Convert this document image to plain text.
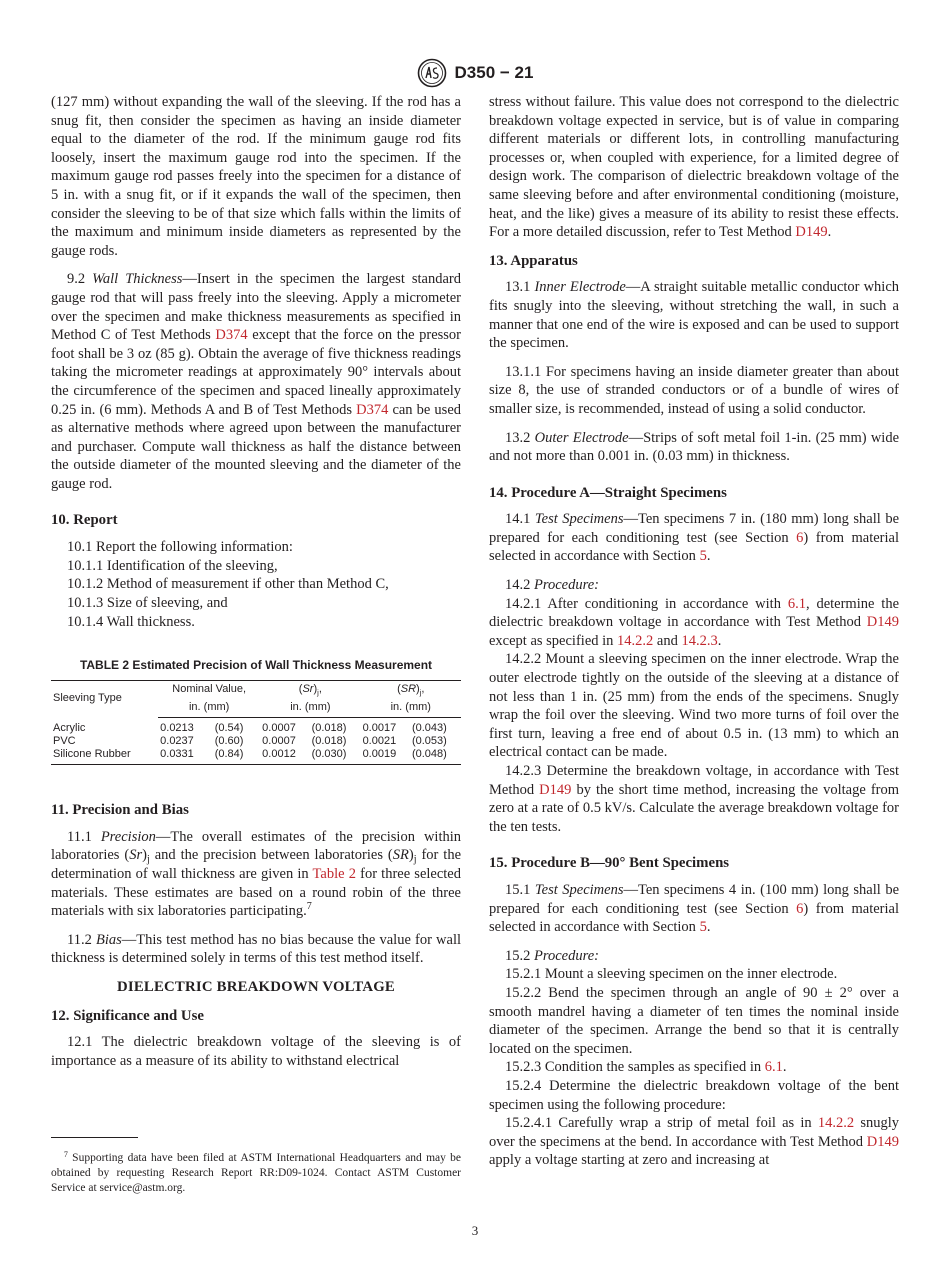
D350 − 21

(127 mm) without expanding the wall of the sleeving. If the rod has a snug fit, then consider the specimen as having an inside diameter equal to the diameter of the rod. If the minimum gauge rod fits loosely, insert the maximum gauge rod into the specimen. If the maximum gauge rod passes freely into the specimen for a distance of 5 in. with a snug fit, or if it expands the wall of the specimen, then consider the sleeving to be of that size which falls within the limits of the maximum and minimum inside diameters as represented by the gauge rods.

9.2 Wall Thickness—Insert in the specimen the largest standard gauge rod that will pass freely into the sleeving. Apply a micrometer over the specimen and make thickness measurements as specified in Method C of Test Methods D374 except that the force on the pressor foot shall be 3 oz (85 g). Obtain the average of five thickness readings taking the micrometer readings at approximately 90° intervals about the circumference of the specimen and spaced lineally approximately 0.25 in. (6 mm). Methods A and B of Test Methods D374 can be used as alternative methods where agreed upon between the manufacturer and purchaser. Compute wall thickness as half the distance between the outside diameter of the mounted sleeving and the diameter of the gauge rod.

10. Report
10.1 Report the following information:
10.1.1 Identification of the sleeving,
10.1.2 Method of measurement if other than Method C,
10.1.3 Size of sleeving, and
10.1.4 Wall thickness.
TABLE 2 Estimated Precision of Wall Thickness Measurement
Sleeving Type	Nominal Value,		$(Sr)_j$,		$(SR)_j$,	
	in. (mm)		in. (mm)		in. (mm)	
Acrylic	0.0213	(0.54)	0.0007	(0.018)	0.0017	(0.043)
PVC	0.0237	(0.60)	0.0007	(0.018)	0.0021	(0.053)
Silicone Rubber	0.0331	(0.84)	0.0012	(0.030)	0.0019	(0.048)
11. Precision and Bias

11.1 Precision—The overall estimates of the precision within laboratories $(Sr)_j$ and the precision between laboratories $(SR)_j$ for the determination of wall thickness are given in Table 2 for three selected materials. These estimates are based on a round robin of the three materials with six laboratories participating.$^7$

11.2 Bias—This test method has no bias because the value for wall thickness is determined solely in terms of this test method itself.

DIELECTRIC BREAKDOWN VOLTAGE
12. Significance and Use

12.1 The dielectric breakdown voltage of the sleeving is of importance as a measure of its ability to withstand electrical

stress without failure. This value does not correspond to the dielectric breakdown voltage expected in service, but is of value in comparing different materials or different lots, in controlling manufacturing processes or, when coupled with experience, for a limited degree of design work. The comparison of dielectric breakdown voltage of the same sleeving before and after environmental conditioning (moisture, heat, and the like) gives a measure of its ability to resist these effects. For a more detailed discussion, refer to Test Method D149.

13. Apparatus

13.1 Inner Electrode—A straight suitable metallic conductor which fits snugly into the sleeving, without stretching the wall, in such a manner that one end of the wire is exposed and can be used to support the specimen.

13.1.1 For specimens having an inside diameter greater than about size 8, the use of stranded conductors or of a bundle of wires of smaller size, is recommended, instead of using a solid conductor.

13.2 Outer Electrode—Strips of soft metal foil 1-in. (25 mm) wide and not more than 0.001 in. (0.03 mm) in thickness.

14. Procedure A—Straight Specimens

14.1 Test Specimens—Ten specimens 7 in. (180 mm) long shall be prepared for each conditioning test (see Section 6) from material selected in accordance with Section 5.

14.2 Procedure:

14.2.1 After conditioning in accordance with 6.1, determine the dielectric breakdown voltage in accordance with Test Method D149 except as specified in 14.2.2 and 14.2.3.

14.2.2 Mount a sleeving specimen on the inner electrode. Wrap the outer electrode tightly on the outside of the sleeving at a distance of not less than 1 in. (25 mm) from the ends of the specimens. Snugly wrap the foil over the sleeving. Wind two more turns of foil over the first turn, leaving a free end of about 0.5 in. (13 mm) to which an electrical contact can be made.

14.2.3 Determine the breakdown voltage, in accordance with Test Method D149 by the short time method, increasing the voltage from zero at a rate of 0.5 kV/s. Calculate the average breakdown voltage for the ten tests.

15. Procedure B—90° Bent Specimens

15.1 Test Specimens—Ten specimens 4 in. (100 mm) long shall be prepared for each conditioning test (see Section 6) from material selected in accordance with Section 5.

15.2 Procedure:

15.2.1 Mount a sleeving specimen on the inner electrode.

15.2.2 Bend the specimen through an angle of 90 ± 2° over a smooth mandrel having a diameter of ten times the nominal inside diameter of the specimen. Arrange the bend so that it is centrally located on the specimen.

15.2.3 Condition the samples as specified in 6.1.

15.2.4 Determine the dielectric breakdown voltage of the bent specimen using the following procedure:

15.2.4.1 Carefully wrap a strip of metal foil as in 14.2.2 snugly over the specimens at the bend. In accordance with Test Method D149 apply a voltage starting at zero and increasing at

$^7$ Supporting data have been filed at ASTM International Headquarters and may be obtained by requesting Research Report RR:D09-1024. Contact ASTM Customer Service at service@astm.org.
3
